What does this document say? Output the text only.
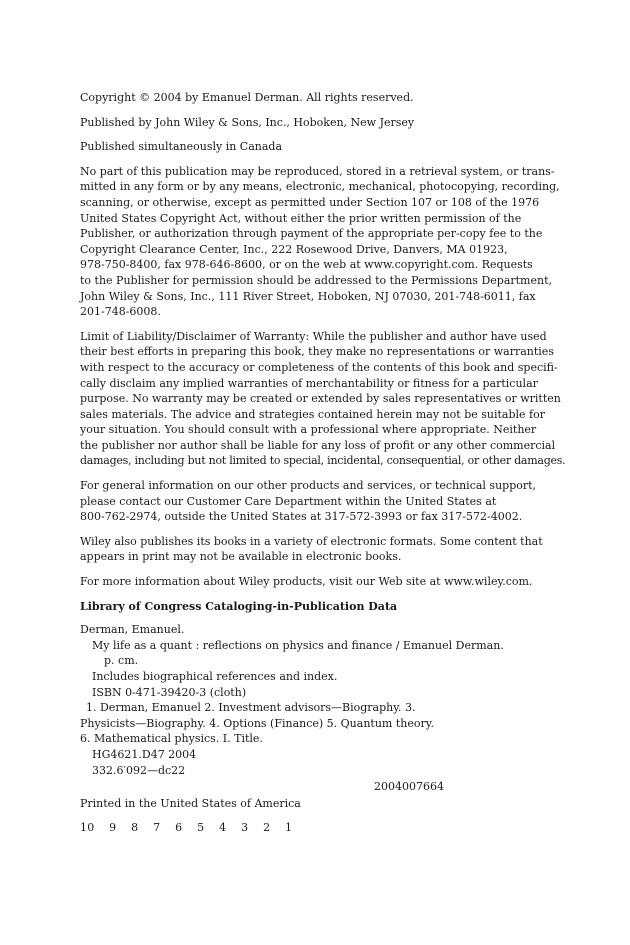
Copyright © 2004 by Emanuel Derman. All rights reserved.

Published by John Wiley & Sons, Inc., Hoboken, New Jersey

Published simultaneously in Canada

No part of this publication may be reproduced, stored in a retrieval system, or trans-
mitted in any form or by any means, electronic, mechanical, photocopying, recording,
scanning, or otherwise, except as permitted under Section 107 or 108 of the 1976
United States Copyright Act, without either the prior written permission of the
Publisher, or authorization through payment of the appropriate per-copy fee to the
Copyright Clearance Center, Inc., 222 Rosewood Drive, Danvers, MA 01923,
978-750-8400, fax 978-646-8600, or on the web at www.copyright.com. Requests
to the Publisher for permission should be addressed to the Permissions Department,
John Wiley & Sons, Inc., 111 River Street, Hoboken, NJ 07030, 201-748-6011, fax
201-748-6008.
Limit of Liability/Disclaimer of Warranty: While the publisher and author have used
their best efforts in preparing this book, they make no representations or warranties
with respect to the accuracy or completeness of the contents of this book and specifi-
cally disclaim any implied warranties of merchantability or fitness for a particular
purpose. No warranty may be created or extended by sales representatives or written
sales materials. The advice and strategies contained herein may not be suitable for
your situation. You should consult with a professional where appropriate. Neither
the publisher nor author shall be liable for any loss of profit or any other commercial
damages, including but not limited to special, incidental, consequential, or other damages.
For general information on our other products and services, or technical support,
please contact our Customer Care Department within the United States at
800-762-2974, outside the United States at 317-572-3993 or fax 317-572-4002.
Wiley also publishes its books in a variety of electronic formats. Some content that
appears in print may not be available in electronic books.

For more information about Wiley products, visit our Web site at www.wiley.com.

Library of Congress Cataloging-in-Publication Data

Derman, Emanuel.
My life as a quant : reflections on physics and finance / Emanuel Derman.
p. cm.
Includes biographical references and index.
ISBN 0-471-39420-3 (cloth)
1. Derman, Emanuel 2. Investment advisors—Biography. 3.
Physicists—Biography. 4. Options (Finance) 5. Quantum theory.
6. Mathematical physics. I. Title.
HG4621.D47 2004
332.6′092—dc22
2004007664

Printed in the United States of America

10    9    8    7    6    5    4    3    2    1
